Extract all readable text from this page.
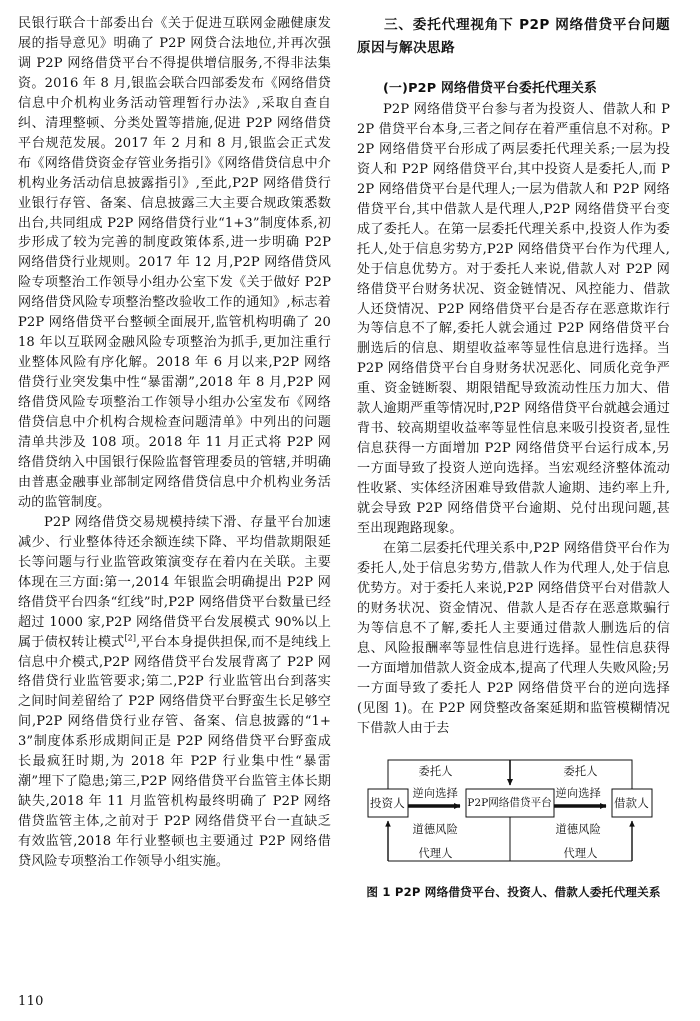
民银行联合十部委出台《关于促进互联网金融健康发展的指导意见》明确了 P2P 网贷合法地位,并再次强调 P2P 网络借贷平台不得提供增信服务,不得非法集资。2016 年 8 月,银监会联合四部委发布《网络借贷信息中介机构业务活动管理暂行办法》,采取自查自纠、清理整顿、分类处置等措施,促进 P2P 网络借贷平台规范发展。2017 年 2 月和 8 月,银监会正式发布《网络借贷资金存管业务指引》《网络借贷信息中介机构业务活动信息披露指引》,至此,P2P 网络借贷行业银行存管、备案、信息披露三大主要合规政策悉数出台,共同组成 P2P 网络借贷行业“1+3”制度体系,初步形成了较为完善的制度政策体系,进一步明确 P2P 网络借贷行业规则。2017 年 12 月,P2P 网络借贷风险专项整治工作领导小组办公室下发《关于做好 P2P 网络借贷风险专项整治整改验收工作的通知》,标志着 P2P 网络借贷平台整顿全面展开,监管机构明确了 2018 年以互联网金融风险专项整治为抓手,更加注重行业整体风险有序化解。2018 年 6 月以来,P2P 网络借贷行业突发集中性“暴雷潮”,2018 年 8 月,P2P 网络借贷风险专项整治工作领导小组办公室发布《网络借贷信息中介机构合规检查问题清单》中列出的问题清单共涉及 108 项。2018 年 11 月正式将 P2P 网络借贷纳入中国银行保险监督管理委员的管辖,并明确由普惠金融事业部制定网络借贷信息中介机构业务活动的监管制度。

P2P 网络借贷交易规模持续下滑、存量平台加速减少、行业整体待还余额连续下降、平均借款期限延长等问题与行业监管政策演变存在着内在关联。主要体现在三方面:第一,2014 年银监会明确提出 P2P 网络借贷平台四条“红线”时,P2P 网络借贷平台数量已经超过 1000 家,P2P 网络借贷平台发展模式 90%以上属于债权转让模式[2],平台本身提供担保,而不是纯线上信息中介模式,P2P 网络借贷平台发展背离了 P2P 网络借贷行业监管要求;第二,P2P 行业监管出台到落实之间时间差留给了 P2P 网络借贷平台野蛮生长足够空间,P2P 网络借贷行业存管、备案、信息披露的“1+3”制度体系形成期间正是 P2P 网络借贷平台野蛮成长最疯狂时期,为 2018 年 P2P 行业集中性“暴雷潮”埋下了隐患;第三,P2P 网络借贷平台监管主体长期缺失,2018 年 11 月监管机构最终明确了 P2P 网络借贷监管主体,之前对于 P2P 网络借贷平台一直缺乏有效监管,2018 年行业整顿也主要通过 P2P 网络借贷风险专项整治工作领导小组实施。

三、委托代理视角下 P2P 网络借贷平台问题原因与解决思路
(一)P2P 网络借贷平台委托代理关系

P2P 网络借贷平台参与者为投资人、借款人和 P2P 借贷平台本身,三者之间存在着严重信息不对称。P2P 网络借贷平台形成了两层委托代理关系;一层为投资人和 P2P 网络借贷平台,其中投资人是委托人,而 P2P 网络借贷平台是代理人;一层为借款人和 P2P 网络借贷平台,其中借款人是代理人,P2P 网络借贷平台变成了委托人。在第一层委托代理关系中,投资人作为委托人,处于信息劣势方,P2P 网络借贷平台作为代理人,处于信息优势方。对于委托人来说,借款人对 P2P 网络借贷平台财务状况、资金链情况、风控能力、借款人还贷情况、P2P 网络借贷平台是否存在恶意欺诈行为等信息不了解,委托人就会通过 P2P 网络借贷平台删选后的信息、期望收益率等显性信息进行选择。当 P2P 网络借贷平台自身财务状况恶化、同质化竞争严重、资金链断裂、期限错配导致流动性压力加大、借款人逾期严重等情况时,P2P 网络借贷平台就越会通过背书、较高期望收益率等显性信息来吸引投资者,显性信息获得一方面增加 P2P 网络借贷平台运行成本,另一方面导致了投资人逆向选择。当宏观经济整体流动性收紧、实体经济困难导致借款人逾期、违约率上升,就会导致 P2P 网络借贷平台逾期、兑付出现问题,甚至出现跑路现象。

在第二层委托代理关系中,P2P 网络借贷平台作为委托人,处于信息劣势方,借款人作为代理人,处于信息优势方。对于委托人来说,P2P 网络借贷平台对借款人的财务状况、资金情况、借款人是否存在恶意欺骗行为等信息不了解,委托人主要通过借款人删选后的信息、风险报酬率等显性信息进行选择。显性信息获得一方面增加借款人资金成本,提高了代理人失败风险;另一方面导致了委托人 P2P 网络借贷平台的逆向选择(见图 1)。在 P2P 网贷整改备案延期和监管模糊情况下借款人由于去

投资人	P2P网络借贷平台	借款人
委托人
逆向选择
道德风险
代理人
委托人
逆向选择
道德风险
代理人
图 1 P2P 网络借贷平台、投资人、借款人委托代理关系
110
